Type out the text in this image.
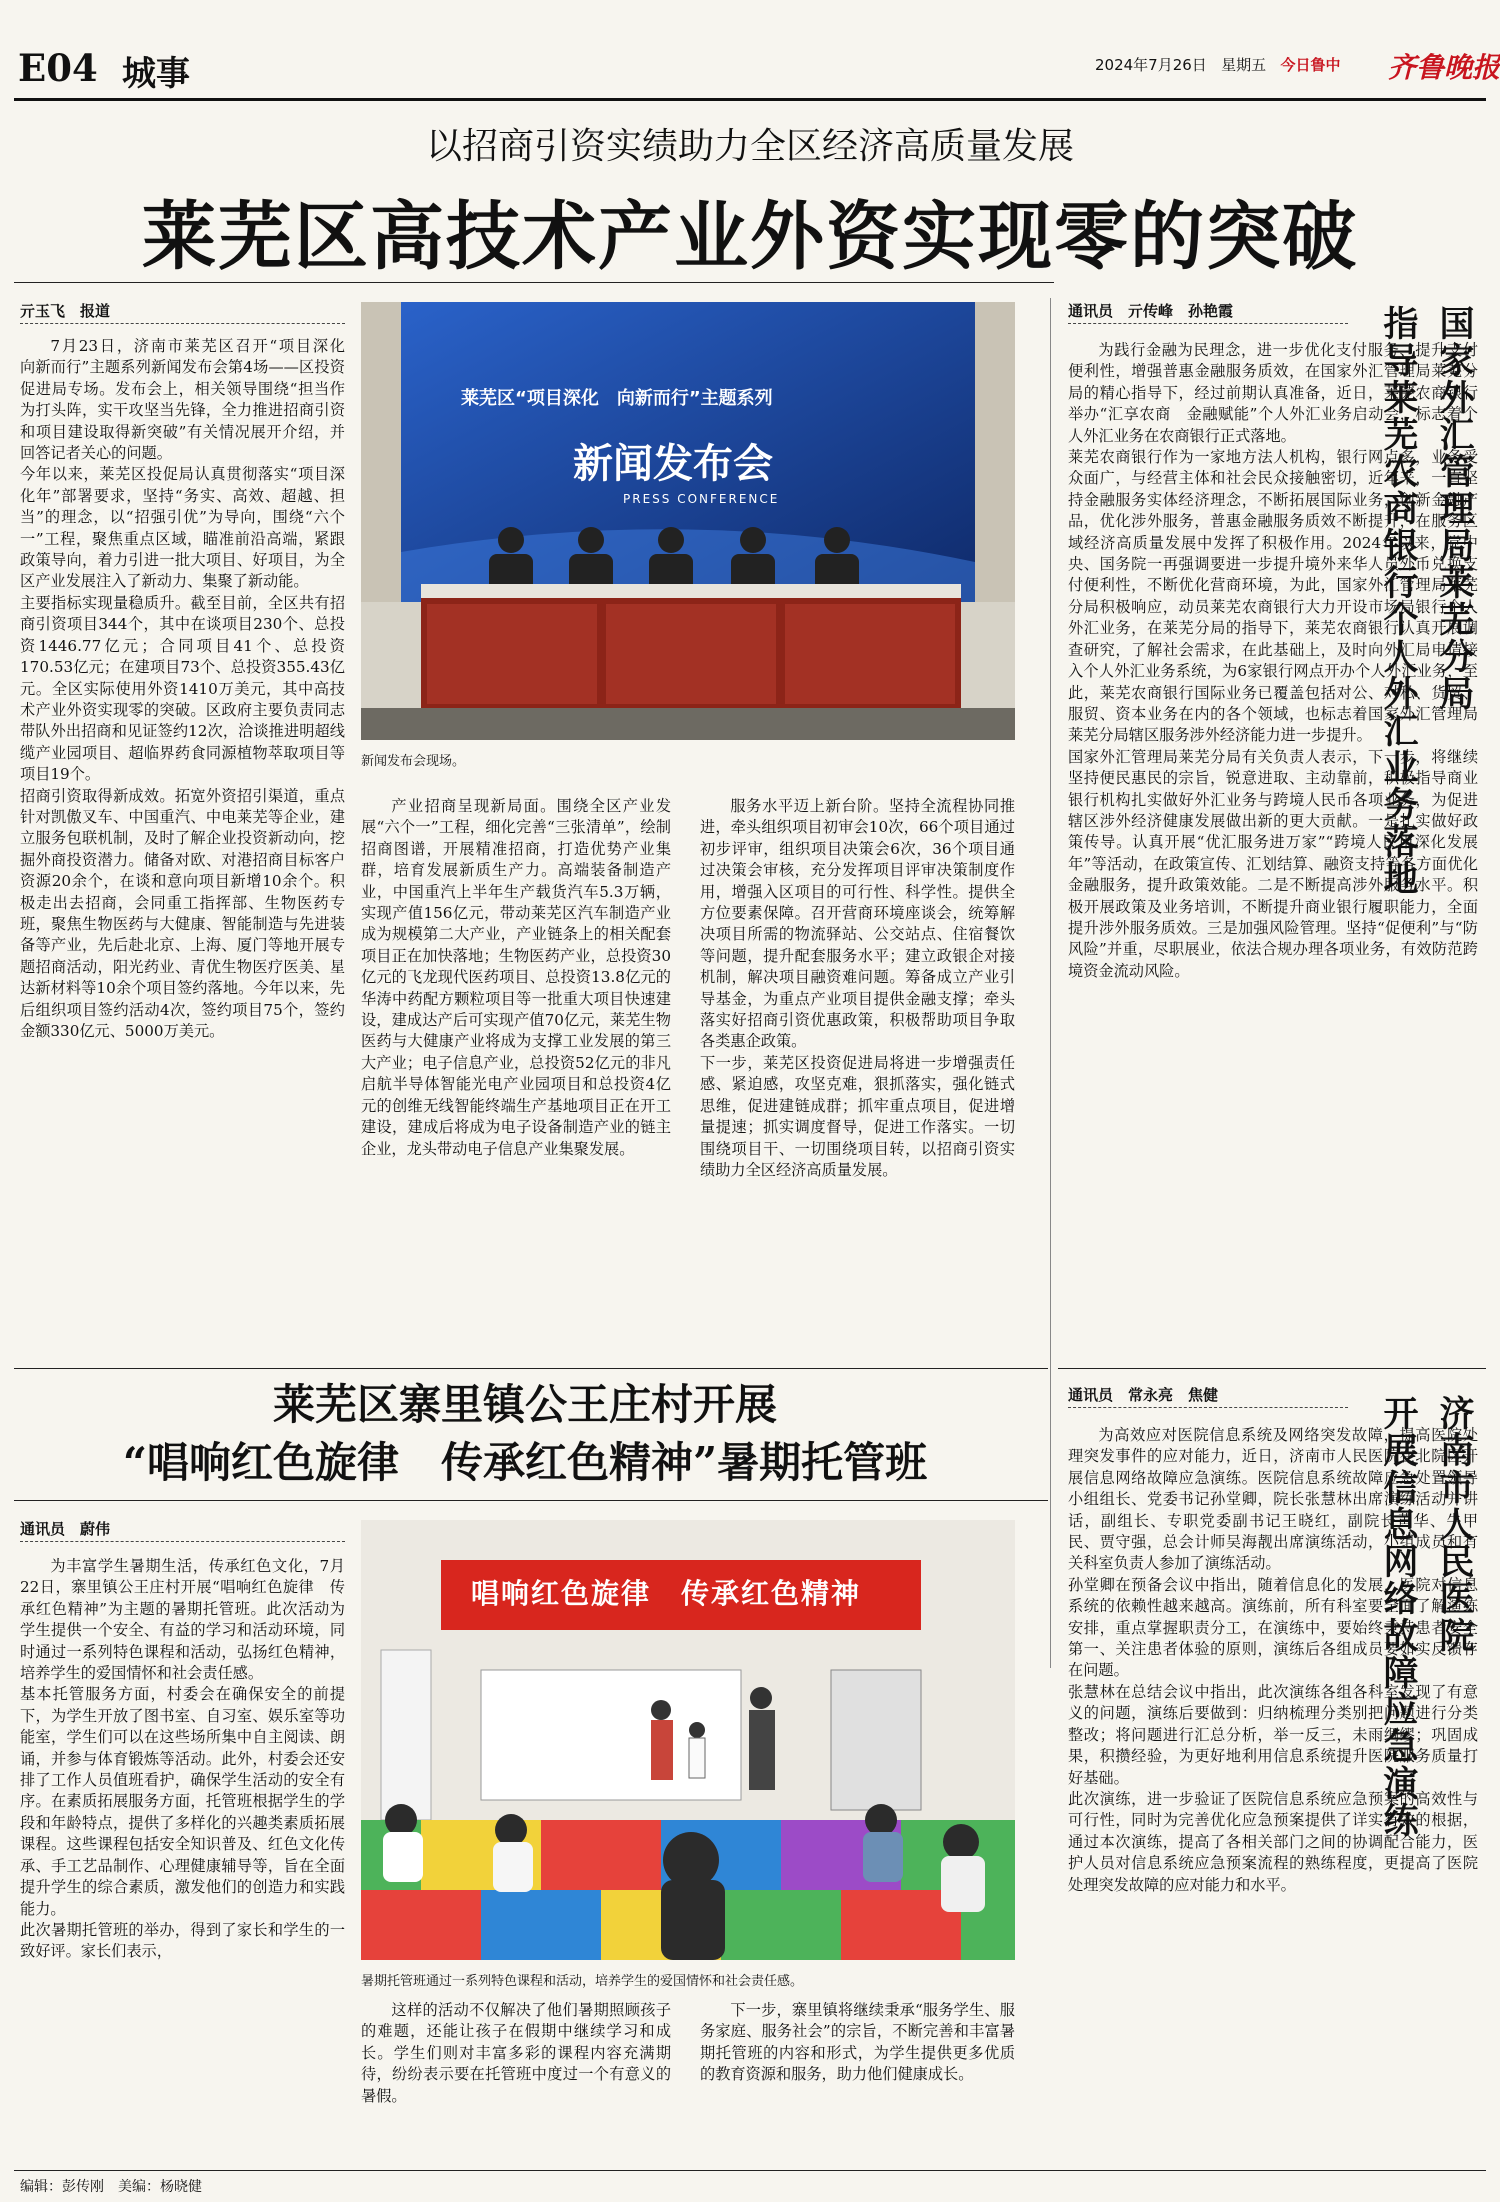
E04 城事	2024年7月26日 星期五 今日鲁中 齐鲁晚报
以招商引资实绩助力全区经济高质量发展
莱芜区高技术产业外资实现零的突破
亓玉飞　报道

7月23日，济南市莱芜区召开“项目深化　向新而行”主题系列新闻发布会第4场——区投资促进局专场。发布会上，相关领导围绕“担当作为打头阵，实干攻坚当先锋，全力推进招商引资和项目建设取得新突破”有关情况展开介绍，并回答记者关心的问题。
今年以来，莱芜区投促局认真贯彻落实“项目深化年”部署要求，坚持“务实、高效、超越、担当”的理念，以“招强引优”为导向，围绕“六个一”工程，聚焦重点区域，瞄准前沿高端，紧跟政策导向，着力引进一批大项目、好项目，为全区产业发展注入了新动力、集聚了新动能。
主要指标实现量稳质升。截至目前，全区共有招商引资项目344个，其中在谈项目230个、总投资1446.77亿元；合同项目41个、总投资170.53亿元；在建项目73个、总投资355.43亿元。全区实际使用外资1410万美元，其中高技术产业外资实现零的突破。区政府主要负责同志带队外出招商和见证签约12次，洽谈推进明超线缆产业园项目、超临界药食同源植物萃取项目等项目19个。
招商引资取得新成效。拓宽外资招引渠道，重点针对凯傲叉车、中国重汽、中电莱芜等企业，建立服务包联机制，及时了解企业投资新动向，挖掘外商投资潜力。储备对欧、对港招商目标客户资源20余个，在谈和意向项目新增10余个。积极走出去招商，会同重工指挥部、生物医药专班，聚焦生物医药与大健康、智能制造与先进装备等产业，先后赴北京、上海、厦门等地开展专题招商活动，阳光药业、青优生物医疗医美、星达新材料等10余个项目签约落地。今年以来，先后组织项目签约活动4次，签约项目75个，签约金额330亿元、5000万美元。

莱芜区“项目深化　向新而行”主题系列
新闻发布会
PRESS CONFERENCE
新闻发布会现场。

产业招商呈现新局面。围绕全区产业发展“六个一”工程，细化完善“三张清单”，绘制招商图谱，开展精准招商，打造优势产业集群，培育发展新质生产力。高端装备制造产业，中国重汽上半年生产载货汽车5.3万辆，实现产值156亿元，带动莱芜区汽车制造产业成为规模第二大产业，产业链条上的相关配套项目正在加快落地；生物医药产业，总投资30亿元的飞龙现代医药项目、总投资13.8亿元的华涛中药配方颗粒项目等一批重大项目快速建设，建成达产后可实现产值70亿元，莱芜生物医药与大健康产业将成为支撑工业发展的第三大产业；电子信息产业，总投资52亿元的非凡启航半导体智能光电产业园项目和总投资4亿元的创维无线智能终端生产基地项目正在开工建设，建成后将成为电子设备制造产业的链主企业，龙头带动电子信息产业集聚发展。

服务水平迈上新台阶。坚持全流程协同推进，牵头组织项目初审会10次，66个项目通过初步评审，组织项目决策会6次，36个项目通过决策会审核，充分发挥项目评审决策制度作用，增强入区项目的可行性、科学性。提供全方位要素保障。召开营商环境座谈会，统筹解决项目所需的物流驿站、公交站点、住宿餐饮等问题，提升配套服务水平；建立政银企对接机制，解决项目融资难问题。筹备成立产业引导基金，为重点产业项目提供金融支撑；牵头落实好招商引资优惠政策，积极帮助项目争取各类惠企政策。
下一步，莱芜区投资促进局将进一步增强责任感、紧迫感，攻坚克难，狠抓落实，强化链式思维，促进建链成群；抓牢重点项目，促进增量提速；抓实调度督导，促进工作落实。一切围绕项目干、一切围绕项目转，以招商引资实绩助力全区经济高质量发展。

通讯员　亓传峰　孙艳霞	国家外汇管理局莱芜分局
指导莱芜农商银行个人外汇业务落地

为践行金融为民理念，进一步优化支付服务、提升支付便利性，增强普惠金融服务质效，在国家外汇管理局莱芜分局的精心指导下，经过前期认真准备，近日，莱芜农商银行举办“汇享农商　金融赋能”个人外汇业务启动会，标志着个人外汇业务在农商银行正式落地。
莱芜农商银行作为一家地方法人机构，银行网点多，业务受众面广，与经营主体和社会民众接触密切，近年来，一直坚持金融服务实体经济理念，不断拓展国际业务，创新金融产品，优化涉外服务，普惠金融服务质效不断提升，在服务区域经济高质量发展中发挥了积极作用。2024年以来，党中央、国务院一再强调要进一步提升境外来华人员外币兑换支付便利性，不断优化营商环境，为此，国家外汇管理局莱芜分局积极响应，动员莱芜农商银行大力开设市场局银行个人外汇业务，在莱芜分局的指导下，莱芜农商银行认真开展调查研究，了解社会需求，在此基础上，及时向外汇局申请接入个人外汇业务系统，为6家银行网点开办个人外汇业务，至此，莱芜农商银行国际业务已覆盖包括对公、对私、货贸、服贸、资本业务在内的各个领域，也标志着国家外汇管理局莱芜分局辖区服务涉外经济能力进一步提升。
国家外汇管理局莱芜分局有关负责人表示，下一步，将继续坚持便民惠民的宗旨，锐意进取、主动靠前，积极指导商业银行机构扎实做好外汇业务与跨境人民币各项业务，为促进辖区涉外经济健康发展做出新的更大贡献。一是扎实做好政策传导。认真开展“优汇服务进万家”“跨境人民币深化发展年”等活动，在政策宣传、汇划结算、融资支持等各方面优化金融服务，提升政策效能。二是不断提高涉外服务水平。积极开展政策及业务培训，不断提升商业银行履职能力，全面提升涉外服务质效。三是加强风险管理。坚持“促便利”与“防风险”并重，尽职展业，依法合规办理各项业务，有效防范跨境资金流动风险。

莱芜区寨里镇公王庄村开展
“唱响红色旋律　传承红色精神”暑期托管班
通讯员　蔚伟

为丰富学生暑期生活，传承红色文化，7月22日，寨里镇公王庄村开展“唱响红色旋律　传承红色精神”为主题的暑期托管班。此次活动为学生提供一个安全、有益的学习和活动环境，同时通过一系列特色课程和活动，弘扬红色精神，培养学生的爱国情怀和社会责任感。
基本托管服务方面，村委会在确保安全的前提下，为学生开放了图书室、自习室、娱乐室等功能室，学生们可以在这些场所集中自主阅读、朗诵，并参与体育锻炼等活动。此外，村委会还安排了工作人员值班看护，确保学生活动的安全有序。在素质拓展服务方面，托管班根据学生的学段和年龄特点，提供了多样化的兴趣类素质拓展课程。这些课程包括安全知识普及、红色文化传承、手工艺品制作、心理健康辅导等，旨在全面提升学生的综合素质，激发他们的创造力和实践能力。
此次暑期托管班的举办，得到了家长和学生的一致好评。家长们表示，

唱响红色旋律　传承红色精神
暑期托管班通过一系列特色课程和活动，培养学生的爱国情怀和社会责任感。

这样的活动不仅解决了他们暑期照顾孩子的难题，还能让孩子在假期中继续学习和成长。学生们则对丰富多彩的课程内容充满期待，纷纷表示要在托管班中度过一个有意义的暑假。

下一步，寨里镇将继续秉承“服务学生、服务家庭、服务社会”的宗旨，不断完善和丰富暑期托管班的内容和形式，为学生提供更多优质的教育资源和服务，助力他们健康成长。

通讯员　常永亮　焦健	济南市人民医院
开展信息网络故障应急演练

为高效应对医院信息系统及网络突发故障，提高医院处理突发事件的应对能力，近日，济南市人民医院在北院区开展信息网络故障应急演练。医院信息系统故障应急处置领导小组组长、党委书记孙堂卿，院长张慧林出席演练活动并讲话，副组长、专职党委副书记王晓红，副院长黄华、牛甲民、贾守强，总会计师吴海靓出席演练活动，小组成员和有关科室负责人参加了演练活动。
孙堂卿在预备会议中指出，随着信息化的发展，医院对信息系统的依赖性越来越高。演练前，所有科室要全面了解演练安排，重点掌握职责分工，在演练中，要始终秉持患者安全第一、关注患者体验的原则，演练后各组成员要如实反馈存在问题。
张慧林在总结会议中指出，此次演练各组各科室发现了有意义的问题，演练后要做到：归纳梳理分类别把问题进行分类整改；将问题进行汇总分析，举一反三，未雨绸缪；巩固成果，积攒经验，为更好地利用信息系统提升医院服务质量打好基础。
此次演练，进一步验证了医院信息系统应急预案的高效性与可行性，同时为完善优化应急预案提供了详实有效的根据，通过本次演练，提高了各相关部门之间的协调配合能力，医护人员对信息系统应急预案流程的熟练程度，更提高了医院处理突发故障的应对能力和水平。

编辑：彭传刚　美编：杨晓健
